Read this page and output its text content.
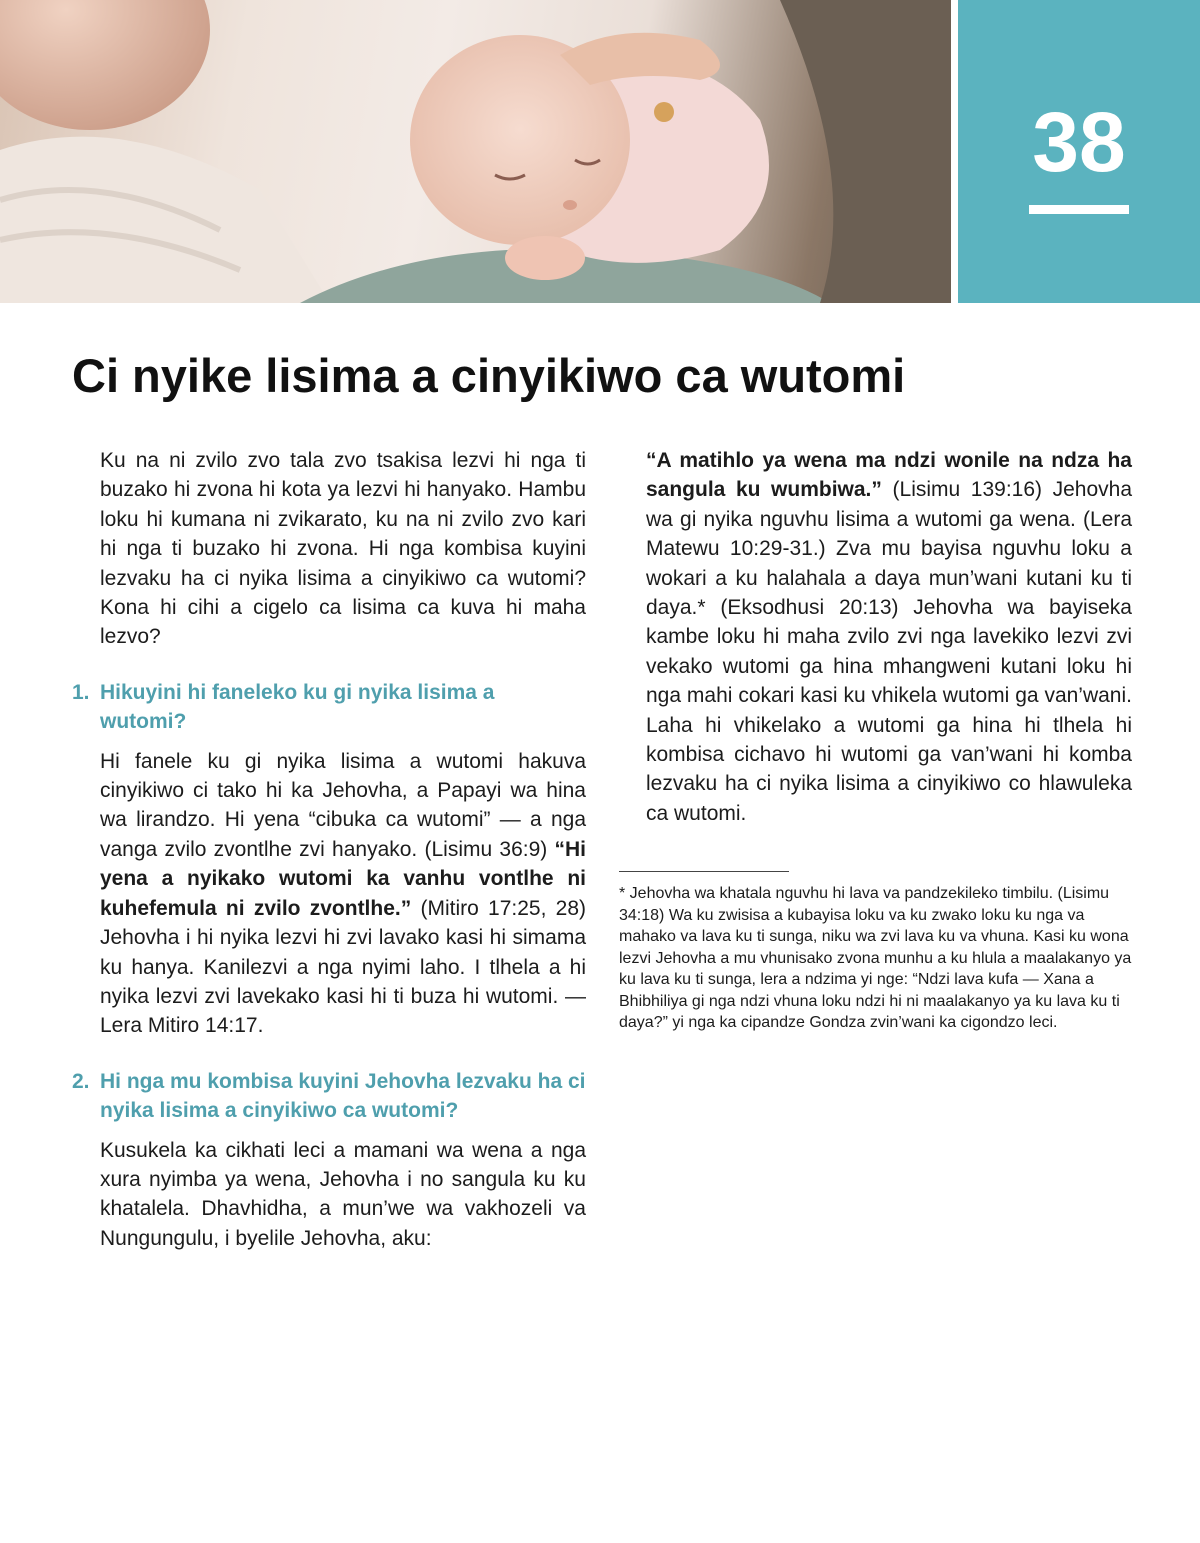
38
Ci nyike lisima a cinyikiwo ca wutomi

Ku na ni zvilo zvo tala zvo tsakisa lezvi hi nga ti buzako hi zvona hi kota ya lezvi hi hanyako. Hambu loku hi kumana ni zvikarato, ku na ni zvilo zvo kari hi nga ti buzako hi zvona. Hi nga kombisa kuyini lezvaku ha ci nyika lisima a cinyikiwo ca wutomi? Kona hi cihi a cigelo ca lisima ca kuva hi maha lezvo?

1. Hikuyini hi faneleko ku gi nyika lisima a wutomi?

Hi fanele ku gi nyika lisima a wutomi hakuva cinyikiwo ci tako hi ka Jehovha, a Papayi wa hina wa lirandzo. Hi yena “cibuka ca wutomi” — a nga vanga zvilo zvontlhe zvi hanyako. (Lisimu 36:9) “Hi yena a nyikako wutomi ka vanhu vontlhe ni kuhefemula ni zvilo zvontlhe.” (Mitiro 17:25, 28) Jehovha i hi nyika lezvi hi zvi lavako kasi hi simama ku hanya. Kanilezvi a nga nyimi laho. I tlhela a hi nyika lezvi zvi lavekako kasi hi ti buza hi wutomi. — Lera Mitiro 14:17.

2. Hi nga mu kombisa kuyini Jehovha lezvaku ha ci nyika lisima a cinyikiwo ca wutomi?

Kusukela ka cikhati leci a mamani wa wena a nga xura nyimba ya wena, Jehovha i no sangula ku ku khatalela. Dhavhidha, a mun’we wa vakhozeli va Nungungulu, i byelile Jehovha, aku:

“A matihlo ya wena ma ndzi wonile na ndza ha sangula ku wumbiwa.” (Lisimu 139:16) Jehovha wa gi nyika nguvhu lisima a wutomi ga wena. (Lera Matewu 10:29-31.) Zva mu bayisa nguvhu loku a wokari a ku halahala a daya mun’wani kutani ku ti daya.* (Eksodhusi 20:13) Jehovha wa bayiseka kambe loku hi maha zvilo zvi nga lavekiko lezvi zvi vekako wutomi ga hina mhangweni kutani loku hi nga mahi cokari kasi ku vhikela wutomi ga van’wani. Laha hi vhikelako a wutomi ga hina hi tlhela hi kombisa cichavo hi wutomi ga van’wani hi komba lezvaku ha ci nyika lisima a cinyikiwo co hlawuleka ca wutomi.

* Jehovha wa khatala nguvhu hi lava va pandzekileko timbilu. (Lisimu 34:18) Wa ku zwisisa a kubayisa loku va ku zwako loku ku nga va mahako va lava ku ti sunga, niku wa zvi lava ku va vhuna. Kasi ku wona lezvi Jehovha a mu vhunisako zvona munhu a ku hlula a maalakanyo ya ku lava ku ti sunga, lera a ndzima yi nge: “Ndzi lava kufa — Xana a Bhibhiliya gi nga ndzi vhuna loku ndzi hi ni maalakanyo ya ku lava ku ti daya?” yi nga ka cipandze Gondza zvin’wani ka cigondzo leci.
